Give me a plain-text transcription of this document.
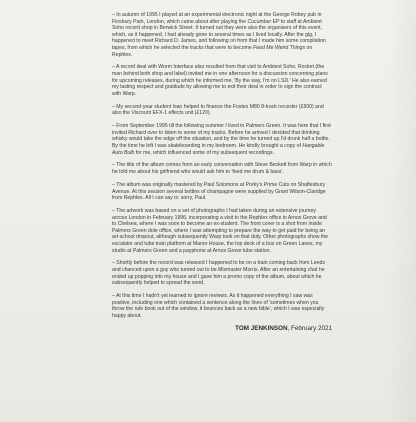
– In autumn of 1995 I played at an experimental electronic night at the George Robey pub in Finsbury Park, London, which came about after playing the Cucumber EP to staff at Ambient Soho record shop in Berwick Street. It turned out they were also the organisers of this event, which, as it happened, I had already gone to several times as I lived locally. After the gig, I happened to meet Richard D. James, and following on from that I made him some compilation tapes, from which he selected the tracks that were to become Feed Me Weird Things on Rephlex.

– A record deal with Worm Interface also resulted from that visit to Ambient Soho. Rocket (the man behind both shop and label) invited me in one afternoon for a discussion concerning plans for upcoming releases, during which he informed me, 'By the way, I'm on LSD.' He also earned my lasting respect and gratitude by allowing me to exit their deal in order to sign the contract with Warp.

– My second-year student loan helped to finance the Fostex M80 8-track recorder (£500) and also the Viscount EFX-1 effects unit (£120).

– From September 1995 till the following summer I lived in Palmers Green. It was here that I first invited Richard over to listen to some of my tracks. Before he arrived I decided that drinking whisky would take the edge off the situation, and by the time he turned up I'd drunk half a bottle. By the time he left I was skateboarding in my bedroom. He kindly brought a copy of Hangable Auto Bulb for me, which influenced some of my subsequent recordings.

– The title of the album comes from an early conversation with Steve Beckett from Warp in which he told me about his girlfriend who would ask him to 'feed me drum & bass'.

– The album was originally mastered by Paul Solomons at Porky's Prime Cuts on Shaftesbury Avenue. At this session several bottles of champagne were supplied by Grant Wilson-Claridge from Rephlex. All I can say is: sorry, Paul.

– The artwork was based on a set of photographs I had taken during an extensive journey across London in February 1996, incorporating a visit to the Rephlex office in Arnos Grove and to Chelsea, where I was soon to become an ex-student. The front cover is a shot from inside Palmers Green dole office, where I was attempting to prepare the way to get paid for being an art-school dropout, although subsequently Warp took on that duty. Other photographs show the escalator and tube train platform at Manor House, the top deck of a bus on Green Lanes, my studio at Palmers Green and a payphone at Arnos Grove tube station.

– Shortly before the record was released I happened to be on a train coming back from Leeds and chanced upon a guy who turned out to be Mixmaster Morris. After an entertaining chat he ended up popping into my house and I gave him a promo copy of the album, about which he subsequently helped to spread the word.

– At this time I hadn't yet learned to ignore reviews. As it happened everything I saw was positive, including one which contained a sentence along the lines of 'sometimes when you throw the rule book out of the window, it bounces back as a new bible', which I was especially happy about.

TOM JENKINSON, February 2021
